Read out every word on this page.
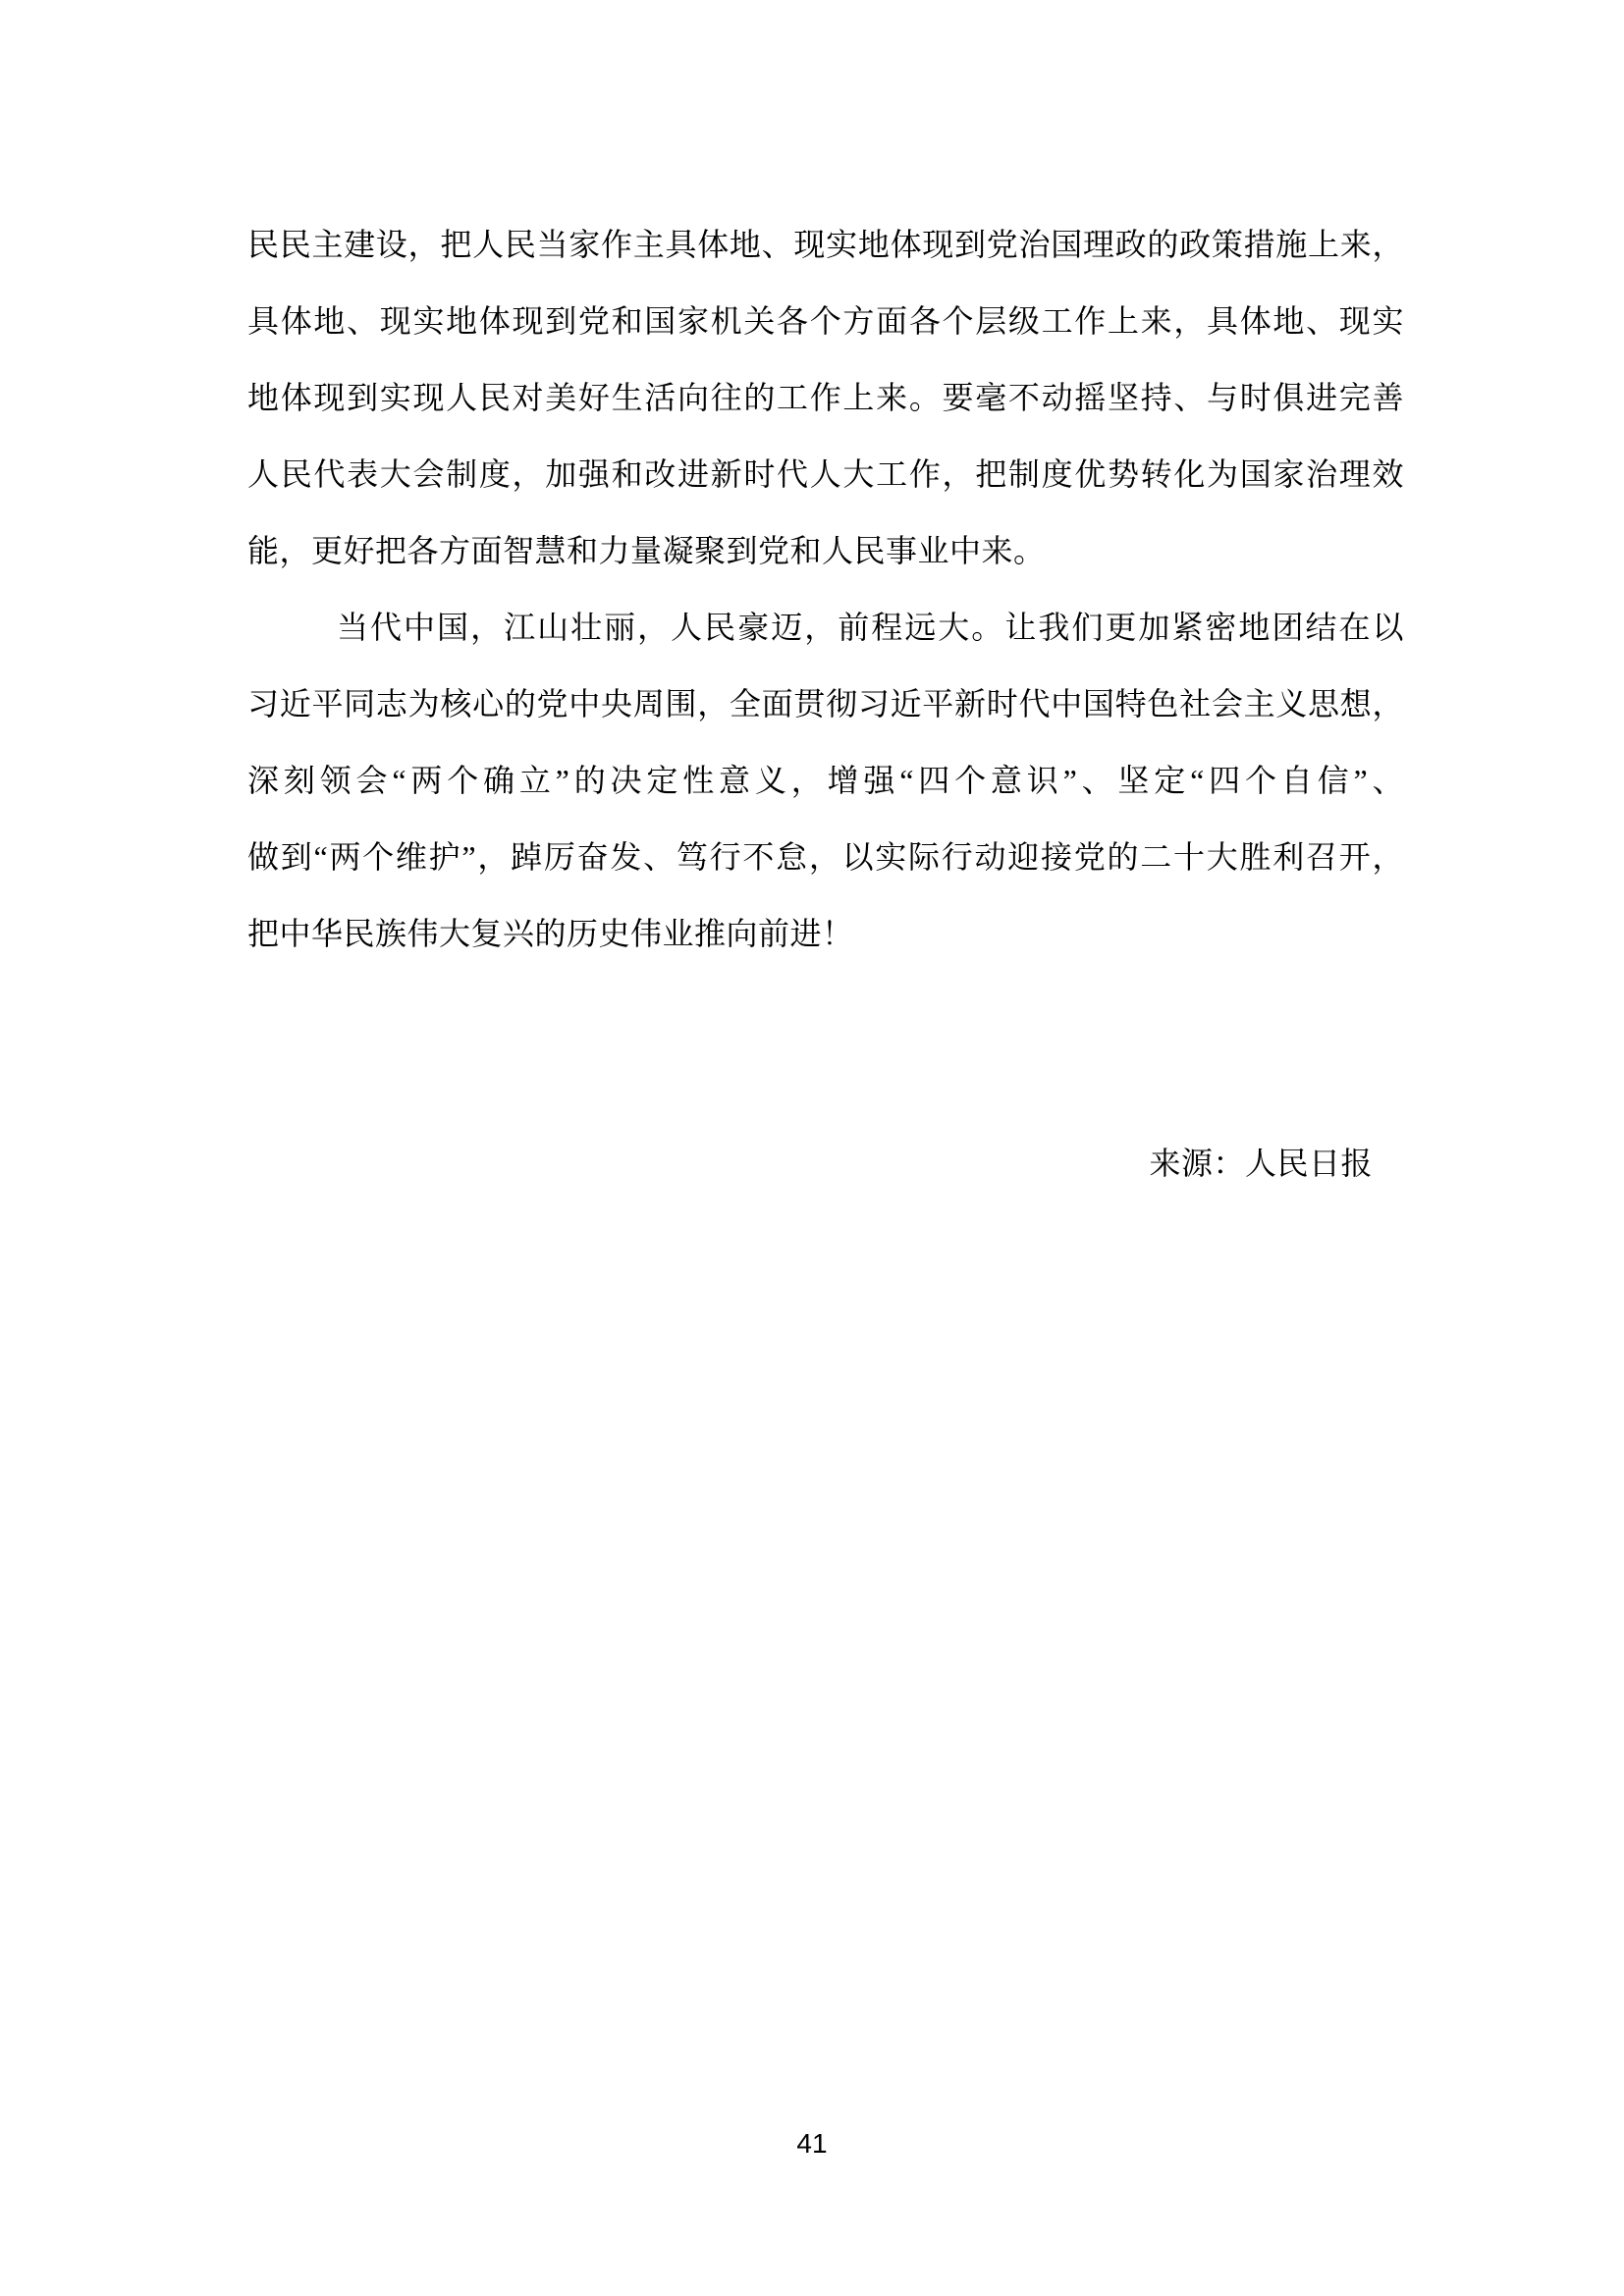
民民主建设，把人民当家作主具体地、现实地体现到党治国理政的政策措施上来，
具体地、现实地体现到党和国家机关各个方面各个层级工作上来，具体地、现实
地体现到实现人民对美好生活向往的工作上来。要毫不动摇坚持、与时俱进完善
人民代表大会制度，加强和改进新时代人大工作，把制度优势转化为国家治理效
能，更好把各方面智慧和力量凝聚到党和人民事业中来。
当代中国，江山壮丽，人民豪迈，前程远大。让我们更加紧密地团结在以
习近平同志为核心的党中央周围，全面贯彻习近平新时代中国特色社会主义思想，
深刻领会“两个确立”的决定性意义，增强“四个意识”、坚定“四个自信”、
做到“两个维护”，踔厉奋发、笃行不怠，以实际行动迎接党的二十大胜利召开，
把中华民族伟大复兴的历史伟业推向前进！
来源：人民日报
41
